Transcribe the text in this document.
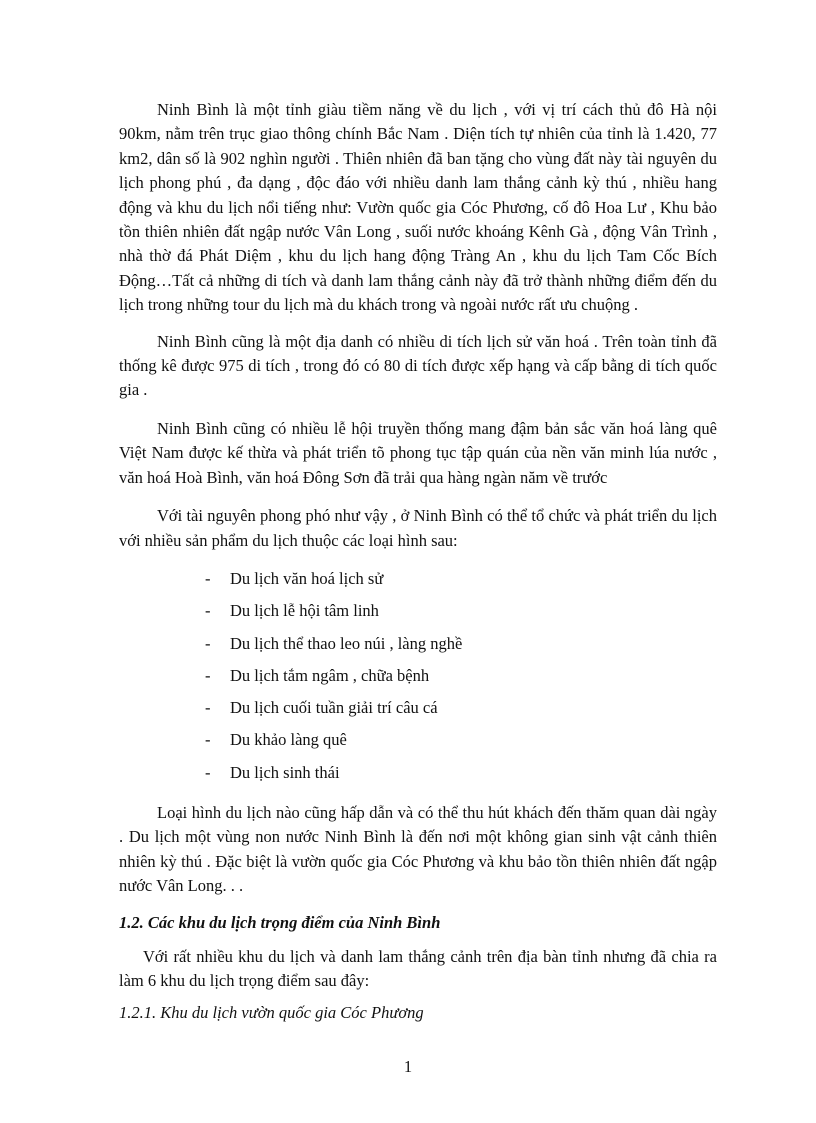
Ninh Bình là một tỉnh giàu tiềm năng về du lịch , với vị trí cách thủ đô Hà nội 90km, nằm trên trục giao thông chính Bắc Nam . Diện tích tự nhiên của tỉnh là 1.420, 77 km2, dân số là 902 nghìn người . Thiên nhiên đã ban tặng cho vùng đất này tài nguyên du lịch phong phú , đa dạng , độc đáo với nhiều danh lam thắng cảnh kỳ thú , nhiều hang động và khu du lịch nổi tiếng như: Vườn quốc gia Cóc Phương, cố đô Hoa Lư , Khu bảo tồn thiên nhiên đất ngập nước Vân Long , suối nước khoáng Kênh Gà , động Vân Trình , nhà thờ đá Phát Diệm , khu du lịch hang động Tràng An , khu du lịch Tam Cốc Bích Động…Tất cả những di tích và danh lam thắng cảnh này đã trở thành những điểm đến du lịch trong những tour du lịch mà du khách trong và ngoài nước rất ưu chuộng .

Ninh Bình cũng là một địa danh có nhiều di tích lịch sử văn hoá . Trên toàn tỉnh đã thống kê được 975 di tích , trong đó có 80 di tích được xếp hạng và cấp bằng di tích quốc gia .

Ninh Bình cũng có nhiều lễ hội truyền thống mang đậm bản sắc văn hoá làng quê Việt Nam được kế thừa và phát triển tõ phong tục tập quán của nền văn minh lúa nước , văn hoá Hoà Bình, văn hoá Đông Sơn đã trải qua hàng ngàn năm về trước

Với tài nguyên phong phó như vậy , ở Ninh Bình có thể tổ chức và phát triển du lịch với nhiều sản phẩm du lịch thuộc các loại hình sau:

- Du lịch văn hoá lịch sử
- Du lịch lễ hội tâm linh
- Du lịch thể thao leo núi , làng nghề
- Du lịch tắm ngâm , chữa bệnh
- Du lịch cuối tuần giải trí câu cá
- Du khảo làng quê
- Du lịch sinh thái

Loại hình du lịch nào cũng hấp dẫn và có thể thu hút khách đến thăm quan dài ngày . Du lịch một vùng non nước Ninh Bình là đến nơi một không gian sinh vật cảnh thiên nhiên kỳ thú . Đặc biệt là vườn quốc gia Cóc Phương và khu bảo tồn thiên nhiên đất ngập nước Vân Long. . .

1.2. Các khu du lịch trọng điểm của Ninh Bình

Với rất nhiều khu du lịch và danh lam thắng cảnh trên địa bàn tỉnh nhưng đã chia ra làm 6 khu du lịch trọng điểm sau đây:

1.2.1. Khu du lịch vườn quốc gia Cóc Phương
1
